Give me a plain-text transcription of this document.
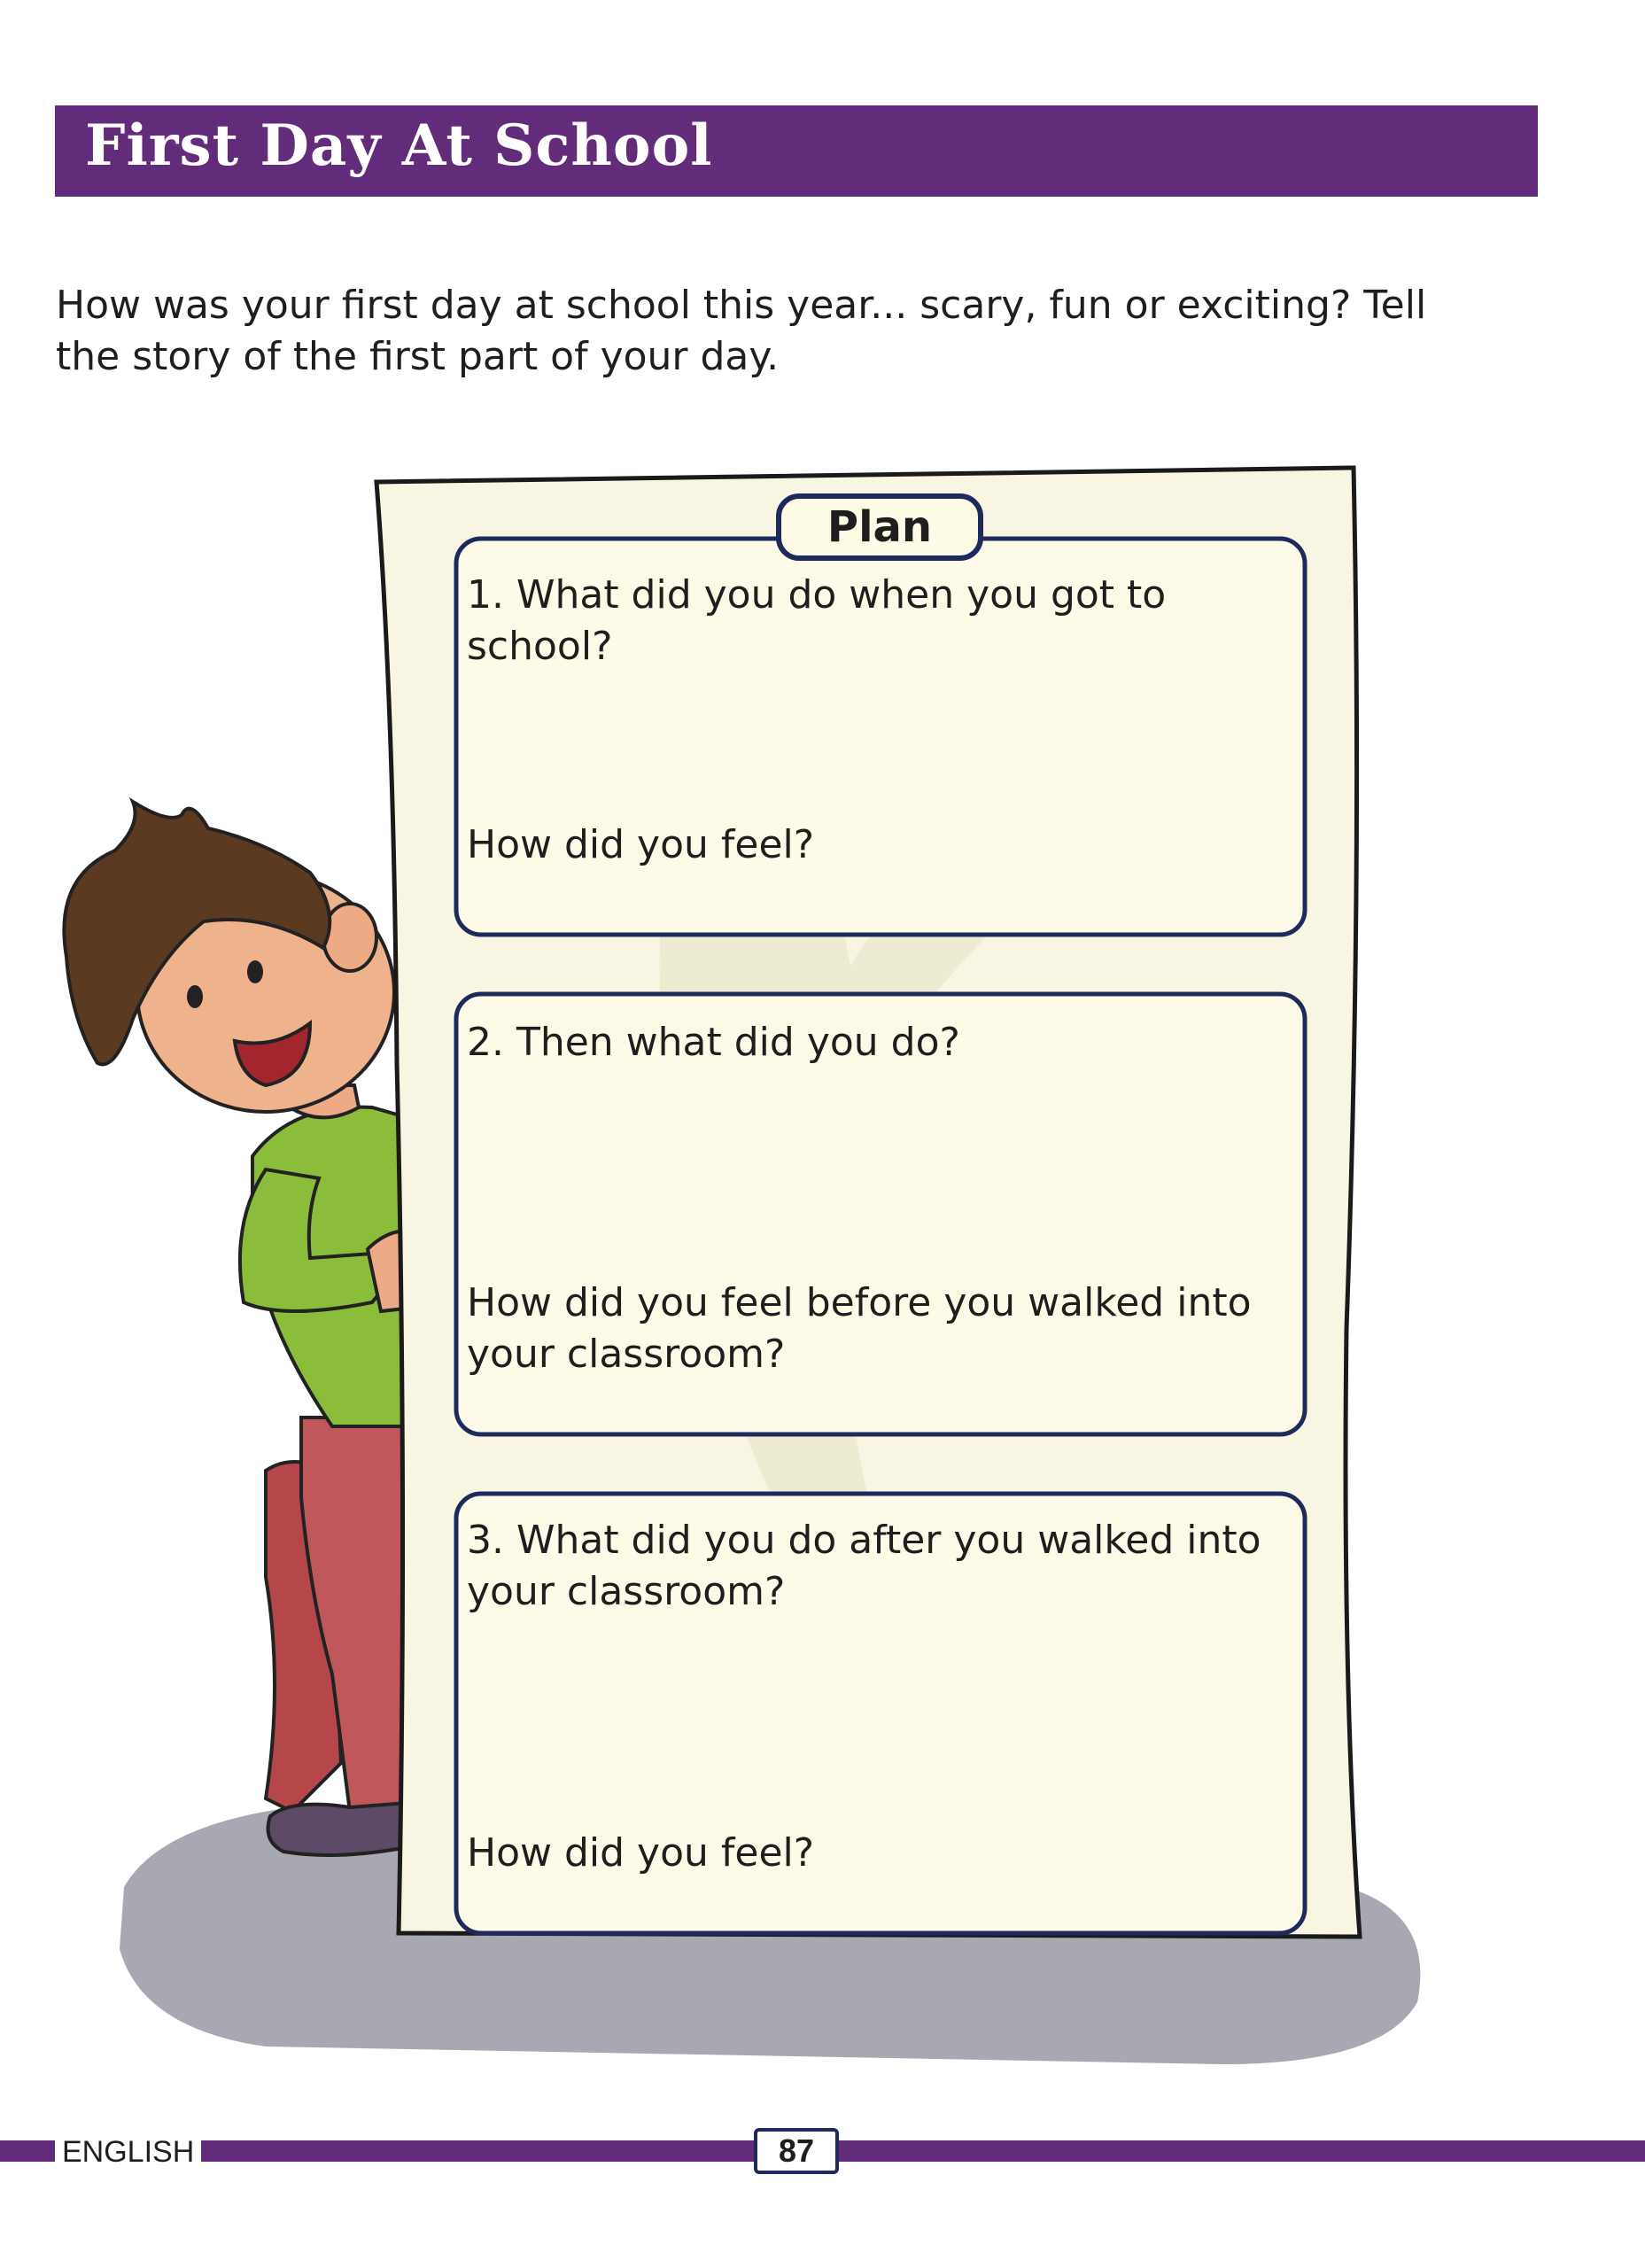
First Day At School
How was your first day at school this year... scary, fun or exciting? Tell the story of the first part of your day.
Plan
1. What did you do when you got to school?
How did you feel?
2. Then what did you do?
How did you feel before you walked into your classroom?
3. What did you do after you walked into your classroom?
How did you feel?
ENGLISH	87
